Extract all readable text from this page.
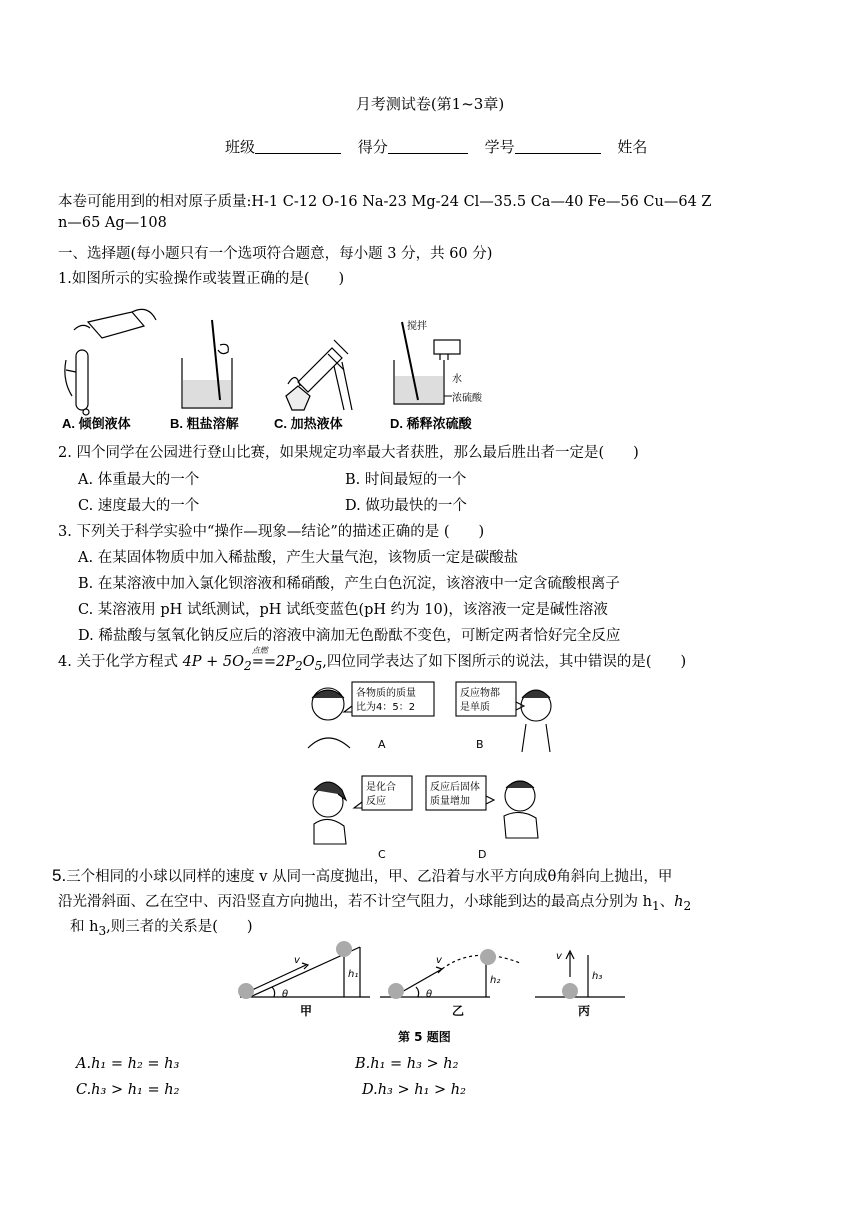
月考测试卷(第1~3章)
班级	得分	学号	姓名
本卷可能用到的相对原子质量:H-1 C-12 O-16 Na-23 Mg-24 Cl—35.5 Ca—40 Fe—56 Cu—64 Z
n—65 Ag—108
一、选择题(每小题只有一个选项符合题意，每小题 3 分，共 60 分)
1.如图所示的实验操作或装置正确的是(　　)
搅拌
水
浓硫酸
A. 倾倒液体	B. 粗盐溶解	C. 加热液体	D. 稀释浓硫酸
2. 四个同学在公园进行登山比赛，如果规定功率最大者获胜，那么最后胜出者一定是(　　)
A. 体重最大的一个	B. 时间最短的一个
C. 速度最大的一个	D. 做功最快的一个
3. 下列关于科学实验中“操作—现象—结论”的描述正确的是 (　　)
A. 在某固体物质中加入稀盐酸，产生大量气泡，该物质一定是碳酸盐
B. 在某溶液中加入氯化钡溶液和稀硝酸，产生白色沉淀，该溶液中一定含硫酸根离子
C. 某溶液用 pH 试纸测试，pH 试纸变蓝色(pH 约为 10)，该溶液一定是碱性溶液
D. 稀盐酸与氢氧化钠反应后的溶液中滴加无色酚酞不变色，可断定两者恰好完全反应
4. 关于化学方程式 $4P + 5O_2$
点燃
$==2P_2O_5$,四位同学表达了如下图所示的说法，其中错误的是(　　)
各物质的质量
比为4：5：2
反应物都
是单质
是化合
反应
反应后固体
质量增加
A	B
C	D
5.三个相同的小球以同样的速度 v 从同一高度抛出，甲、乙沿着与水平方向成θ角斜向上抛出，甲
沿光滑斜面、乙在空中、丙沿竖直方向抛出，若不计空气阻力，小球能到达的最高点分别为 $h_1$、$h_2$
和 $h_3$,则三者的关系是(　　)
v
h₁
θ
v
h₂
θ
v
h₃
甲	乙	丙
第 5 题图
A.h₁ = h₂ = h₃	B.h₁ = h₃ > h₂
C.h₃ > h₁ = h₂	D.h₃ > h₁ > h₂
